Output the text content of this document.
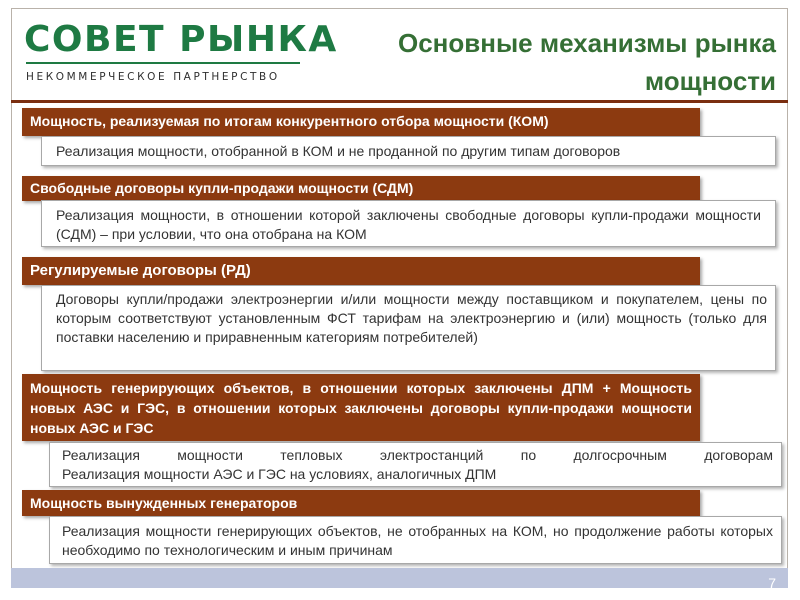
СОВЕТ РЫНКА
НЕКОММЕРЧЕСКОЕ ПАРТНЕРСТВО
Основные механизмы рынка мощности
Мощность, реализуемая по итогам конкурентного отбора мощности (КОМ)
Реализация мощности, отобранной в КОМ и не проданной по другим типам договоров
Свободные договоры купли-продажи мощности (СДМ)
Реализация мощности, в отношении которой заключены свободные договоры купли-продажи мощности (СДМ) – при условии, что она отобрана на КОМ
Регулируемые договоры (РД)
Договоры купли/продажи электроэнергии и/или мощности между поставщиком и покупателем, цены по которым соответствуют установленным ФСТ тарифам на электроэнергию и (или) мощность (только для поставки населению и приравненным категориям потребителей)
Мощность генерирующих объектов, в отношении которых заключены ДПМ + Мощность новых АЭС и ГЭС, в отношении которых заключены договоры купли-продажи мощности новых АЭС и ГЭС
Реализация мощности тепловых электростанций по долгосрочным договорам
Реализация мощности АЭС и ГЭС на условиях, аналогичных ДПМ
Мощность вынужденных генераторов
Реализация мощности генерирующих объектов, не отобранных на КОМ, но продолжение работы которых необходимо по технологическим и иным причинам
7
